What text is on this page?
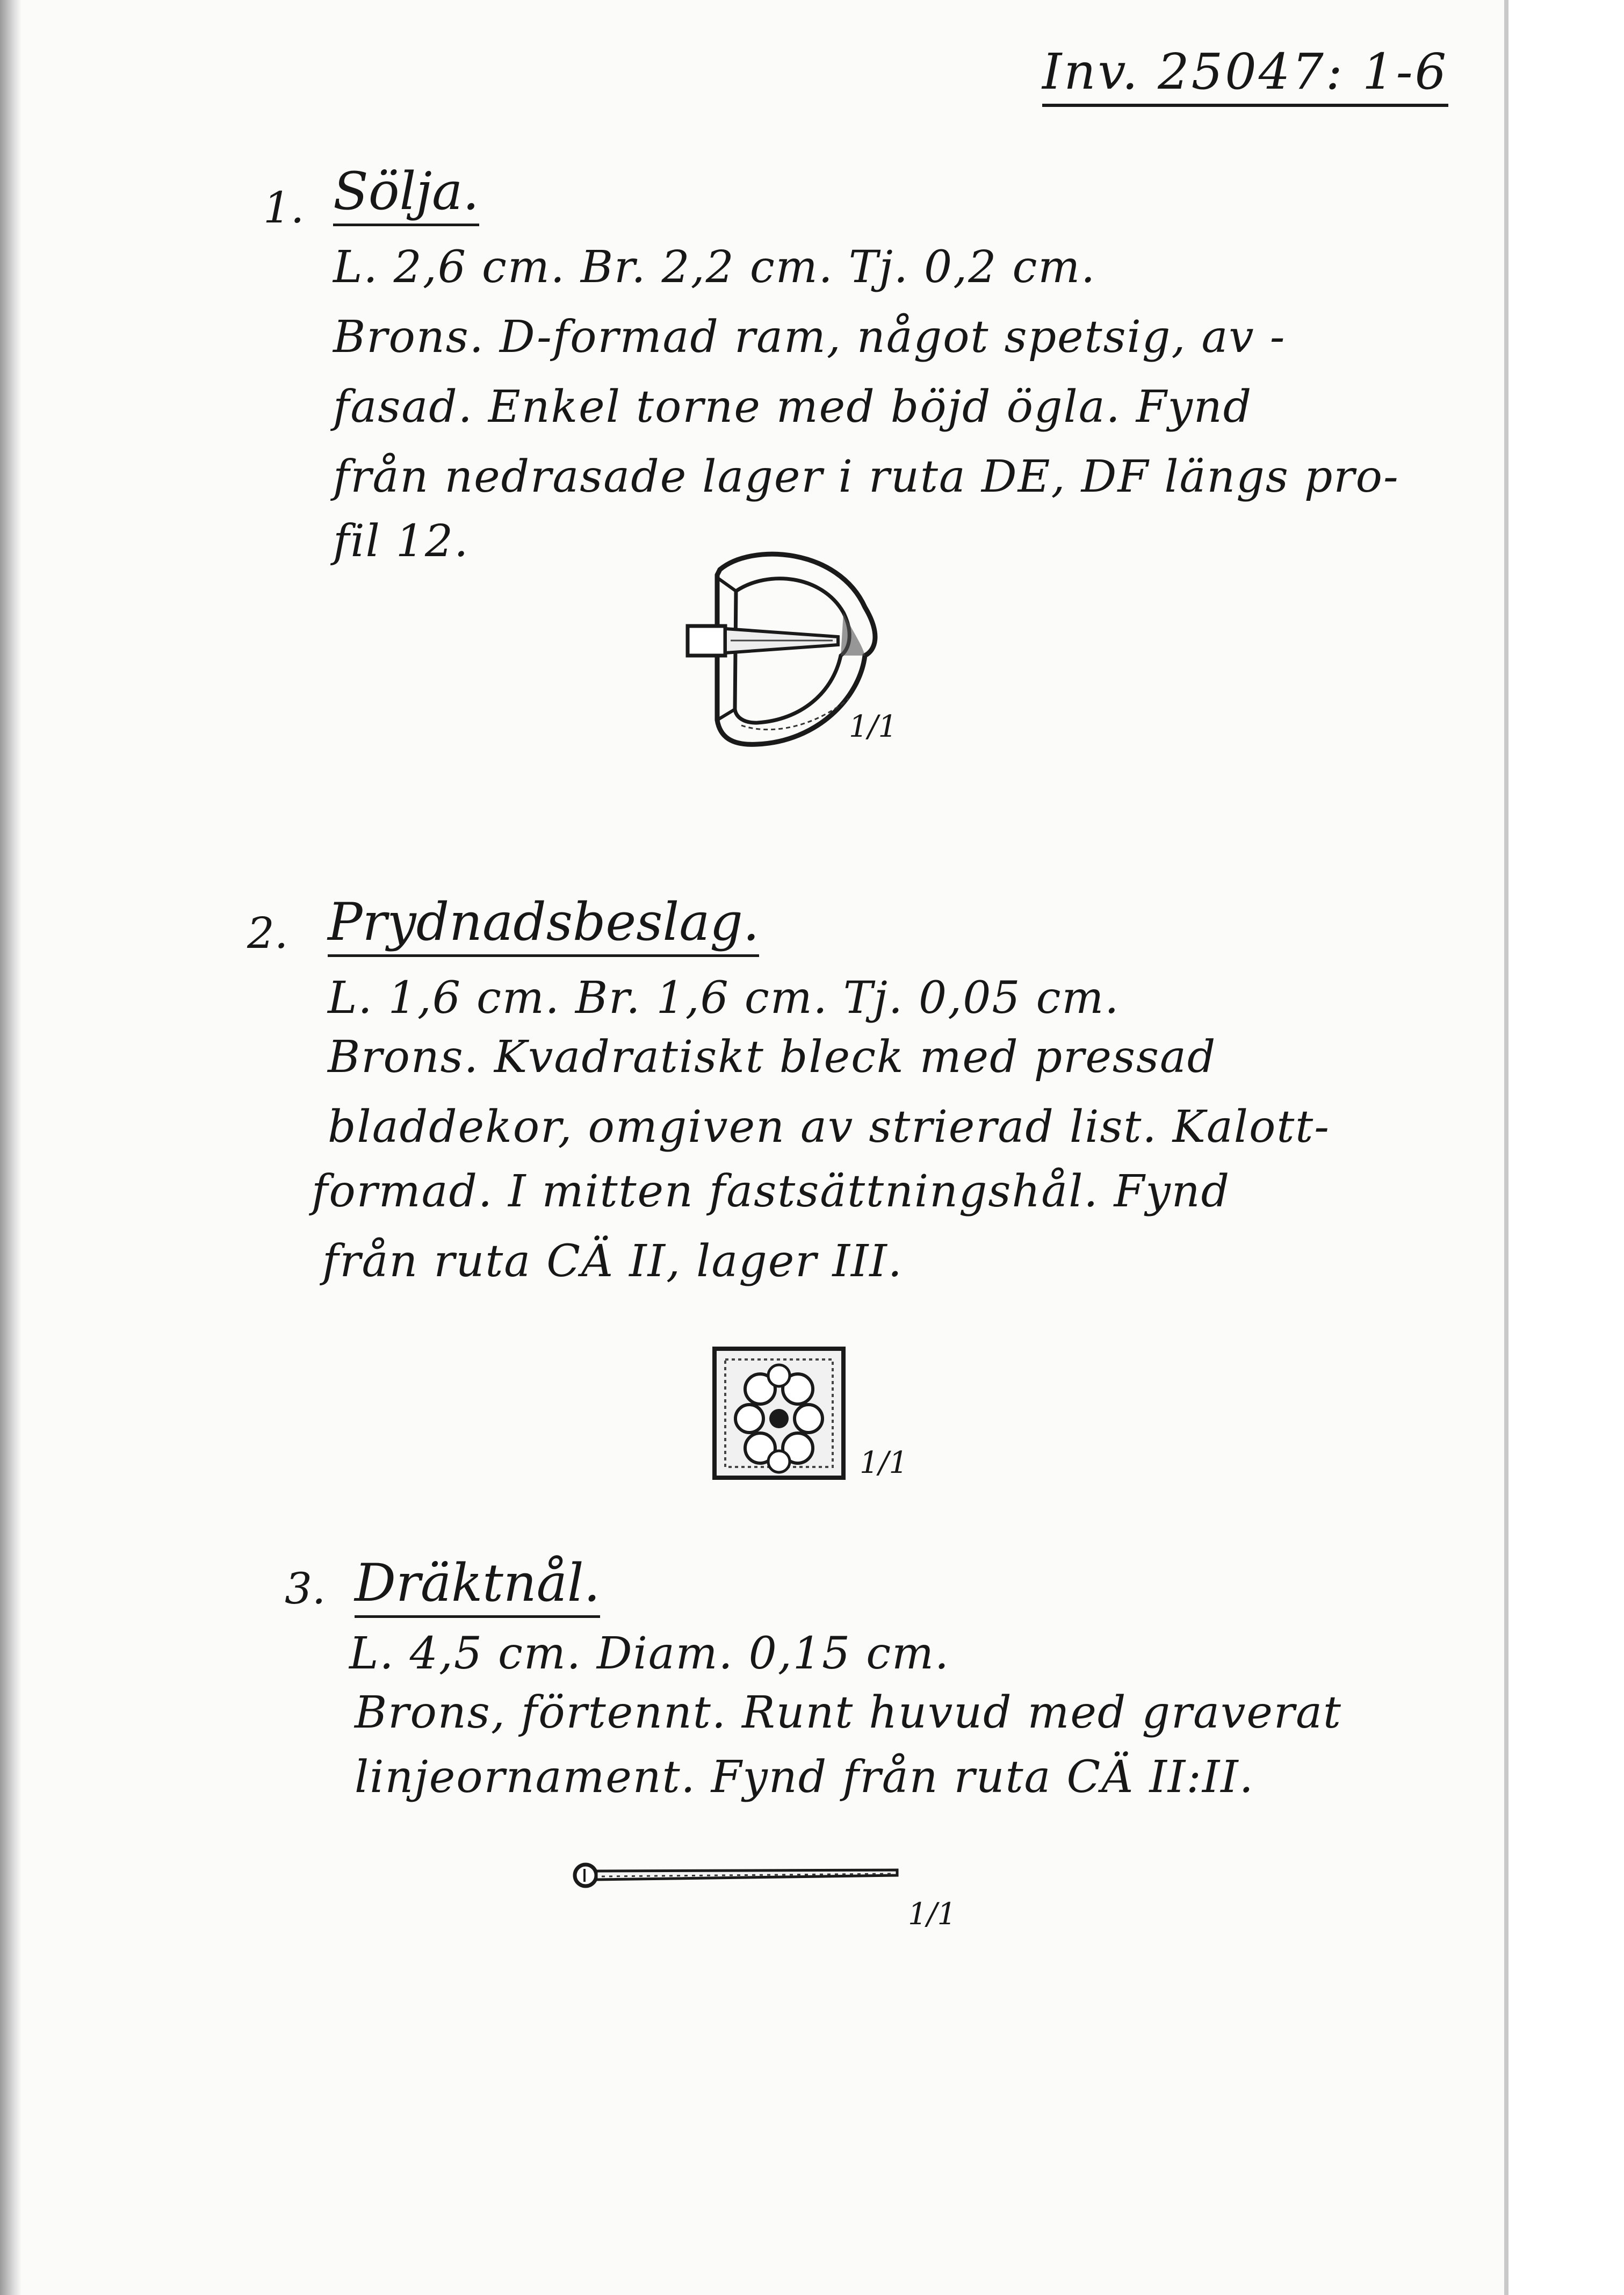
Inv. 25047: 1-6
1. Sölja.
L. 2,6 cm. Br. 2,2 cm. Tj. 0,2 cm.
Brons. D-formad ram, något spetsig, av -
fasad. Enkel torne med böjd ögla. Fynd
från nedrasade lager i ruta DE, DF längs pro-
fil 12.
1/1
2. Prydnadsbeslag.
L. 1,6 cm. Br. 1,6 cm. Tj. 0,05 cm.
Brons. Kvadratiskt bleck med pressad
bladdekor, omgiven av strierad list. Kalott-
formad. I mitten fastsättningshål. Fynd
från ruta CÄ II, lager III.
1/1
3. Dräktnål.
L. 4,5 cm. Diam. 0,15 cm.
Brons, förtennt. Runt huvud med graverat
linjeornament. Fynd från ruta CÄ II:II.
1/1
